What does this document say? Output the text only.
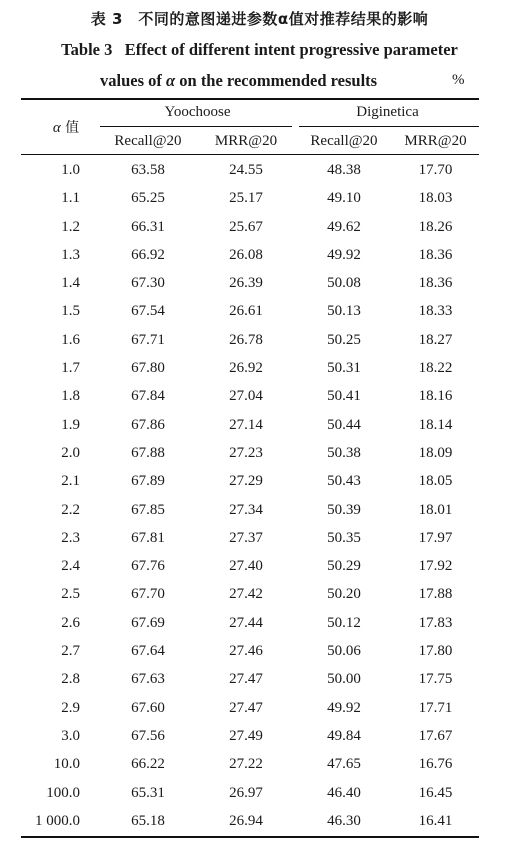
表 3　不同的意图递进参数α值对推荐结果的影响
Table 3   Effect of different intent progressive parameter
values of α on the recommended results	%
α 值
Yoochoose	Diginetica
Recall@20	MRR@20	Recall@20	MRR@20
1.0	63.58	24.55	48.38	17.70
1.1	65.25	25.17	49.10	18.03
1.2	66.31	25.67	49.62	18.26
1.3	66.92	26.08	49.92	18.36
1.4	67.30	26.39	50.08	18.36
1.5	67.54	26.61	50.13	18.33
1.6	67.71	26.78	50.25	18.27
1.7	67.80	26.92	50.31	18.22
1.8	67.84	27.04	50.41	18.16
1.9	67.86	27.14	50.44	18.14
2.0	67.88	27.23	50.38	18.09
2.1	67.89	27.29	50.43	18.05
2.2	67.85	27.34	50.39	18.01
2.3	67.81	27.37	50.35	17.97
2.4	67.76	27.40	50.29	17.92
2.5	67.70	27.42	50.20	17.88
2.6	67.69	27.44	50.12	17.83
2.7	67.64	27.46	50.06	17.80
2.8	67.63	27.47	50.00	17.75
2.9	67.60	27.47	49.92	17.71
3.0	67.56	27.49	49.84	17.67
10.0	66.22	27.22	47.65	16.76
100.0	65.31	26.97	46.40	16.45
1 000.0	65.18	26.94	46.30	16.41
